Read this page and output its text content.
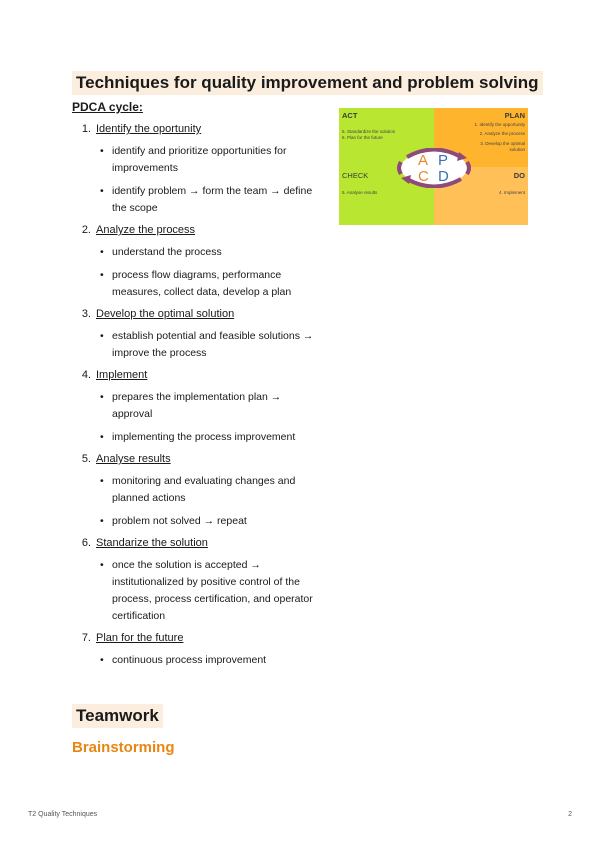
Techniques for quality improvement and problem solving
PDCA cycle:
1. Identify the oportunity
• identify and prioritize opportunities for improvements
• identify problem → form the team → define the scope
2. Analyze the process
• understand the process
• process flow diagrams, performance measures, collect data, develop a plan
3. Develop the optimal solution
• establish potential and feasible solutions → improve the process
4. Implement
• prepares the implementation plan → approval
• implementing the process improvement
5. Analyse results
• monitoring and evaluating changes and planned actions
• problem not solved → repeat
6. Standarize the solution
• once the solution is accepted → institutionalized by positive control of the process, process certification, and operator certification
7. Plan for the future
• continuous process improvement
ACT
5. Standardize the solution
6. Plan for the future
PLAN
1. Identify the opportunity
2. Analyze the process
3. Develop the optimal solution
CHECK
5. Analyse results
DO
4. Implement
A P
C D
Teamwork
Brainstorming
T2 Quality Techniques	2
